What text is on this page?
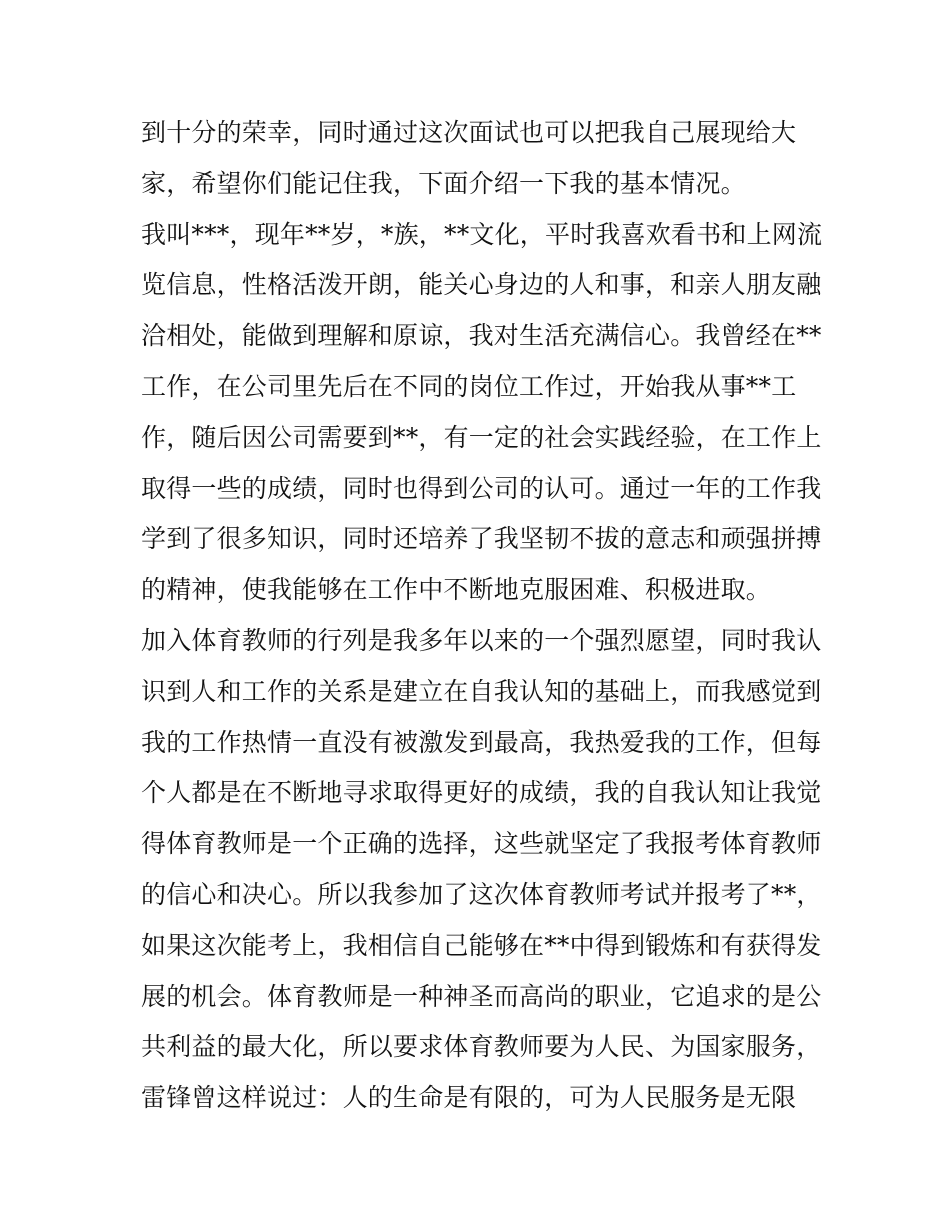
到十分的荣幸，同时通过这次面试也可以把我自己展现给大
家，希望你们能记住我，下面介绍一下我的基本情况。
我叫***，现年**岁，*族，**文化，平时我喜欢看书和上网流
览信息，性格活泼开朗，能关心身边的人和事，和亲人朋友融
洽相处，能做到理解和原谅，我对生活充满信心。我曾经在**
工作，在公司里先后在不同的岗位工作过，开始我从事**工
作，随后因公司需要到**，有一定的社会实践经验，在工作上
取得一些的成绩，同时也得到公司的认可。通过一年的工作我
学到了很多知识，同时还培养了我坚韧不拔的意志和顽强拼搏
的精神，使我能够在工作中不断地克服困难、积极进取。
加入体育教师的行列是我多年以来的一个强烈愿望，同时我认
识到人和工作的关系是建立在自我认知的基础上，而我感觉到
我的工作热情一直没有被激发到最高，我热爱我的工作，但每
个人都是在不断地寻求取得更好的成绩，我的自我认知让我觉
得体育教师是一个正确的选择，这些就坚定了我报考体育教师
的信心和决心。所以我参加了这次体育教师考试并报考了**，
如果这次能考上，我相信自己能够在**中得到锻炼和有获得发
展的机会。体育教师是一种神圣而高尚的职业，它追求的是公
共利益的最大化，所以要求体育教师要为人民、为国家服务，
雷锋曾这样说过：人的生命是有限的，可为人民服务是无限
